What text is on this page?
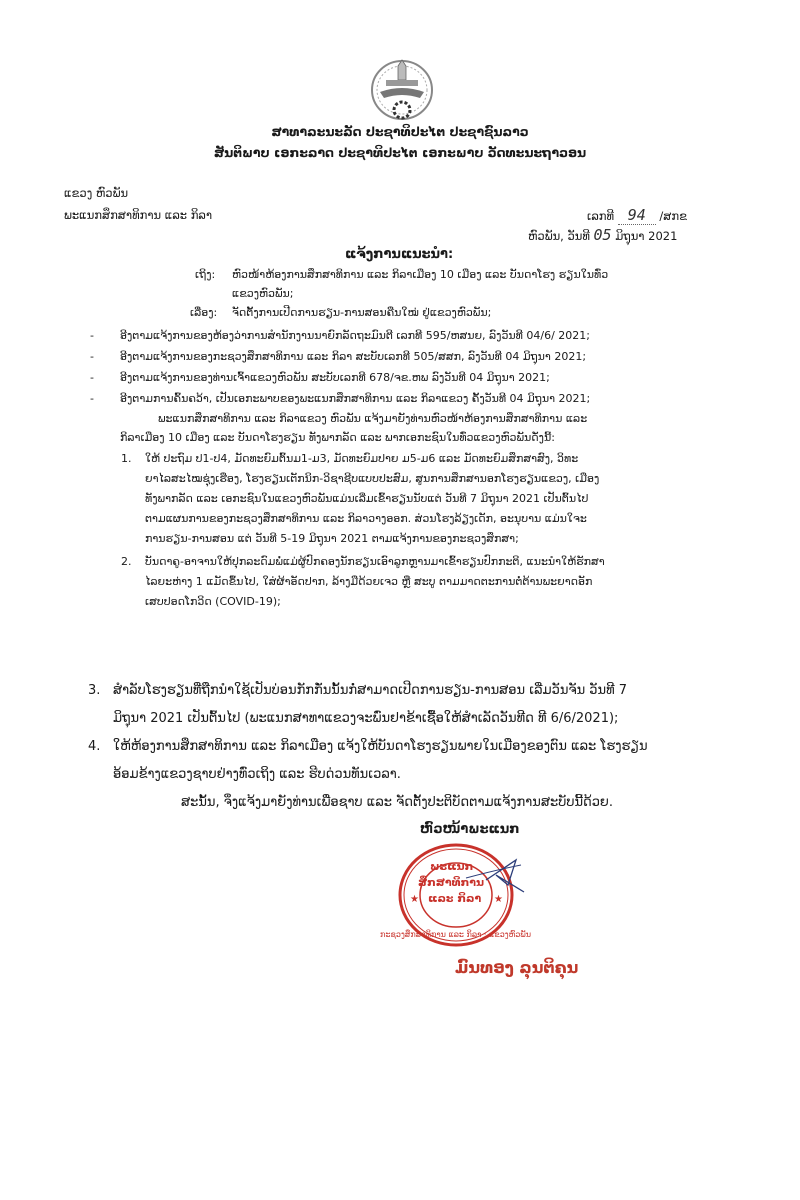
ສາທາລະນະລັດ ປະຊາທິປະໄຕ ປະຊາຊົນລາວ
ສັນຕິພາບ ເອກະລາດ ປະຊາທິປະໄຕ ເອກະພາບ ວັດທະນະຖາວອນ
ແຂວງ ຫົວພັນ
ພະແນກສຶກສາທິການ ແລະ ກິລາ	ເລກທີ 94 /ສກຂ
ຫົວພັນ, ວັນທີ 05 ມິຖຸນາ 2021
ແຈ້ງການແນະນຳ:
ເຖິງ: ຫົວໜ້າຫ້ອງການສຶກສາທິການ ແລະ ກິລາເມືອງ 10 ເມືອງ ແລະ ບັນດາໂຮງ ຮຽນໃນທົ່ວ
ແຂວງຫົວພັນ;
ເລື່ອງ: ຈັດຕັ້ງການເປີດການຮຽນ-ການສອນຄືນໃໝ່ ຢູ່ແຂວງຫົວພັນ;
- ອີງຕາມແຈ້ງການຂອງຫ້ອງວ່າການສຳນັກງານນາຍົກລັດຖະມົນຕີ ເລກທີ 595/ຫສນຍ, ລົງວັນທີ 04/6/ 2021;
- ອີງຕາມແຈ້ງການຂອງກະຊວງສຶກສາທິການ ແລະ ກິລາ ສະບັບເລກທີ 505/ສສກ, ລົງວັນທີ 04 ມິຖຸນາ 2021;
- ອີງຕາມແຈ້ງການຂອງທ່ານເຈົ້າແຂວງຫົວພັນ ສະບັບເລກທີ 678/ຈຂ.ຫພ ລົງວັນທີ 04 ມິຖຸນາ 2021;
- ອີງຕາມການຄົ້ນຄວ້າ, ເປັນເອກະພາບຂອງພະແນກສຶກສາທິການ ແລະ ກິລາແຂວງ ຄັ້ງວັນທີ 04 ມິຖຸນາ 2021;
ພະແນກສຶກສາທິການ ແລະ ກິລາແຂວງ ຫົວພັນ ແຈ້ງມາຍັງທ່ານຫົວໜ້າຫ້ອງການສຶກສາທິການ ແລະ
ກິລາເມືອງ 10 ເມືອງ ແລະ ບັນດາໂຮງຮຽນ ທັງພາກລັດ ແລະ ພາກເອກະຊົນໃນທົ່ວແຂວງຫົວພັນດັ່ງນີ້:
1. ໃຫ້ ປະຖົມ ປ1-ປ4, ມັດທະຍົມຕົ້ນມ1-ມ3, ມັດທະຍົມປາຍ ມ5-ມ6 ແລະ ມັດທະຍົມສຶກສາສົງ, ວິທະ
ຍາໄລສະໄໝຊຸ່ງເຮືອງ, ໂຮງຮຽນເຕັກນິກ-ວິຊາຊີບແບບປະສົມ, ສູນການສຶກສານອກໂຮງຮຽນແຂວງ, ເມືອງ
ທັງພາກລັດ ແລະ ເອກະຊົນໃນແຂວງຫົວພັນແມ່ນເລີ່ມເຂົ້າຮຽນນັບແຕ່ ວັນທີ 7 ມິຖຸນາ 2021 ເປັນຕົ້ນໄປ
ຕາມແຜນການຂອງກະຊວງສຶກສາທິການ ແລະ ກິລາວາງອອກ. ສ່ວນໂຮງລ້ຽງເດັກ, ອະນຸບານ ແມ່ນໃຈະ
ການຮຽນ-ການສອນ ແຕ່ ວັນທີ 5-19 ມິຖຸນາ 2021 ຕາມແຈ້ງການຂອງກະຊວງສຶກສາ;
2. ບັນດາຄູ-ອາຈານໃຫ້ປຸກລະດົມພໍ່ແມ່ຜູ້ປົກຄອງນັກຮຽນເອົາລູກຫຼານມາເຂົ້າຮຽນປົກກະຕິ, ແນະນຳໃຫ້ຮັກສາ
ໄລຍະຫ່າງ 1 ແມັດຂຶ້ນໄປ, ໃສ່ຜ້າອັດປາກ, ລ້າງມືດ້ວຍເຈວ ຫຼື ສະບູ ຕາມມາດຕະການຕໍ່ຕ້ານພະຍາດອັກ
ເສບປອດໂກວິດ (COVID-19);
3. ສຳລັບໂຮງຮຽນທີ່ຖືກນຳໃຊ້ເປັນບ່ອນກັກກັ່ນນັ້ນກໍ່ສາມາດເປີດການຮຽນ-ການສອນ ເລີ່ມວັນຈັນ ວັນທີ 7
ມິຖຸນາ 2021 ເປັນຕົ້ນໄປ (ພະແນກສາທາແຂວງຈະພົ່ນຢາຂ້າເຊື້ອໃຫ້ສຳເລັດວັນທີດ ທີ 6/6/2021);
4. ໃຫ້ຫ້ອງການສຶກສາທິການ ແລະ ກິລາເມືອງ ແຈ້ງໃຫ້ບັນດາໂຮງຮຽນພາຍໃນເມືອງຂອງຕົນ ແລະ ໂຮງຮຽນ
ອ້ອມຂ້າງແຂວງຊາບຢ່າງທົ່ວເຖິງ ແລະ ຮີບດ່ວນທັນເວລາ.
ສະນັ້ນ, ຈິ່ງແຈ້ງມາຍັງທ່ານເພື່ອຊາບ ແລະ ຈັດຕັ້ງປະຕິບັດຕາມແຈ້ງການສະບັບນີ້ດ້ວຍ.
ຫົວໜ້າພະແນກ
★	★
ພະແນກ
ສຶກສາທິການ
ແລະ ກິລາ
ກະຊວງສຶກສາທິການ ແລະ ກິລາ · ແຂວງຫົວພັນ
ມົນທອງ ລຸນຕິຄຸນ
